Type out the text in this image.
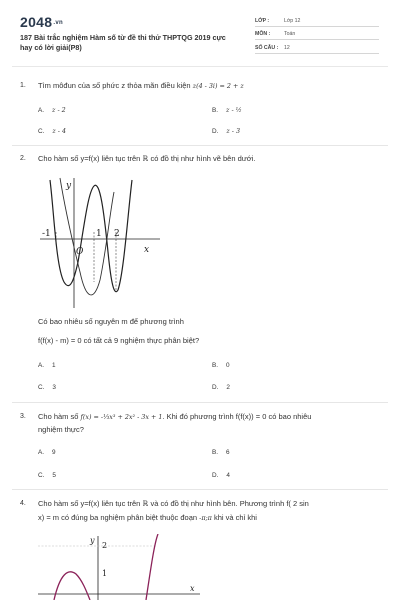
2048.vn
187 Bài trắc nghiệm Hàm số từ đề thi thử THPTQG 2019 cực hay có lời giải(P8)
LỚP :	Lớp 12
MÔN :	Toán
SỐ CÂU : 12
1. Tìm môđun của số phức z thỏa mãn điều kiện z(4 - 3i) = 2 + z
A. z - 2	B. z - ½
C. z - 4	D. z - 3
2. Cho hàm số y=f(x) liên tục trên ℝ có đồ thị như hình vẽ bên dưới.
y
x
O
-1	1 2
Có bao nhiêu số nguyên m để phương trình
f(f(x) - m) = 0 có tất cả 9 nghiệm thực phân biệt?
A. 1	B. 0
C. 3	D. 2
3. Cho hàm số f(x) = -⅓x³ + 2x² - 3x + 1. Khi đó phương trình f(f(x)) = 0 có bao nhiêu
nghiệm thực?
A. 9	B. 6
C. 5	D. 4
4. Cho hàm số y=f(x) liên tục trên ℝ và có đồ thị như hình bên. Phương trình f( 2 sin
x) = m có đúng ba nghiệm phân biệt thuộc đoạn -π;π khi và chỉ khi
y
2
1
x
